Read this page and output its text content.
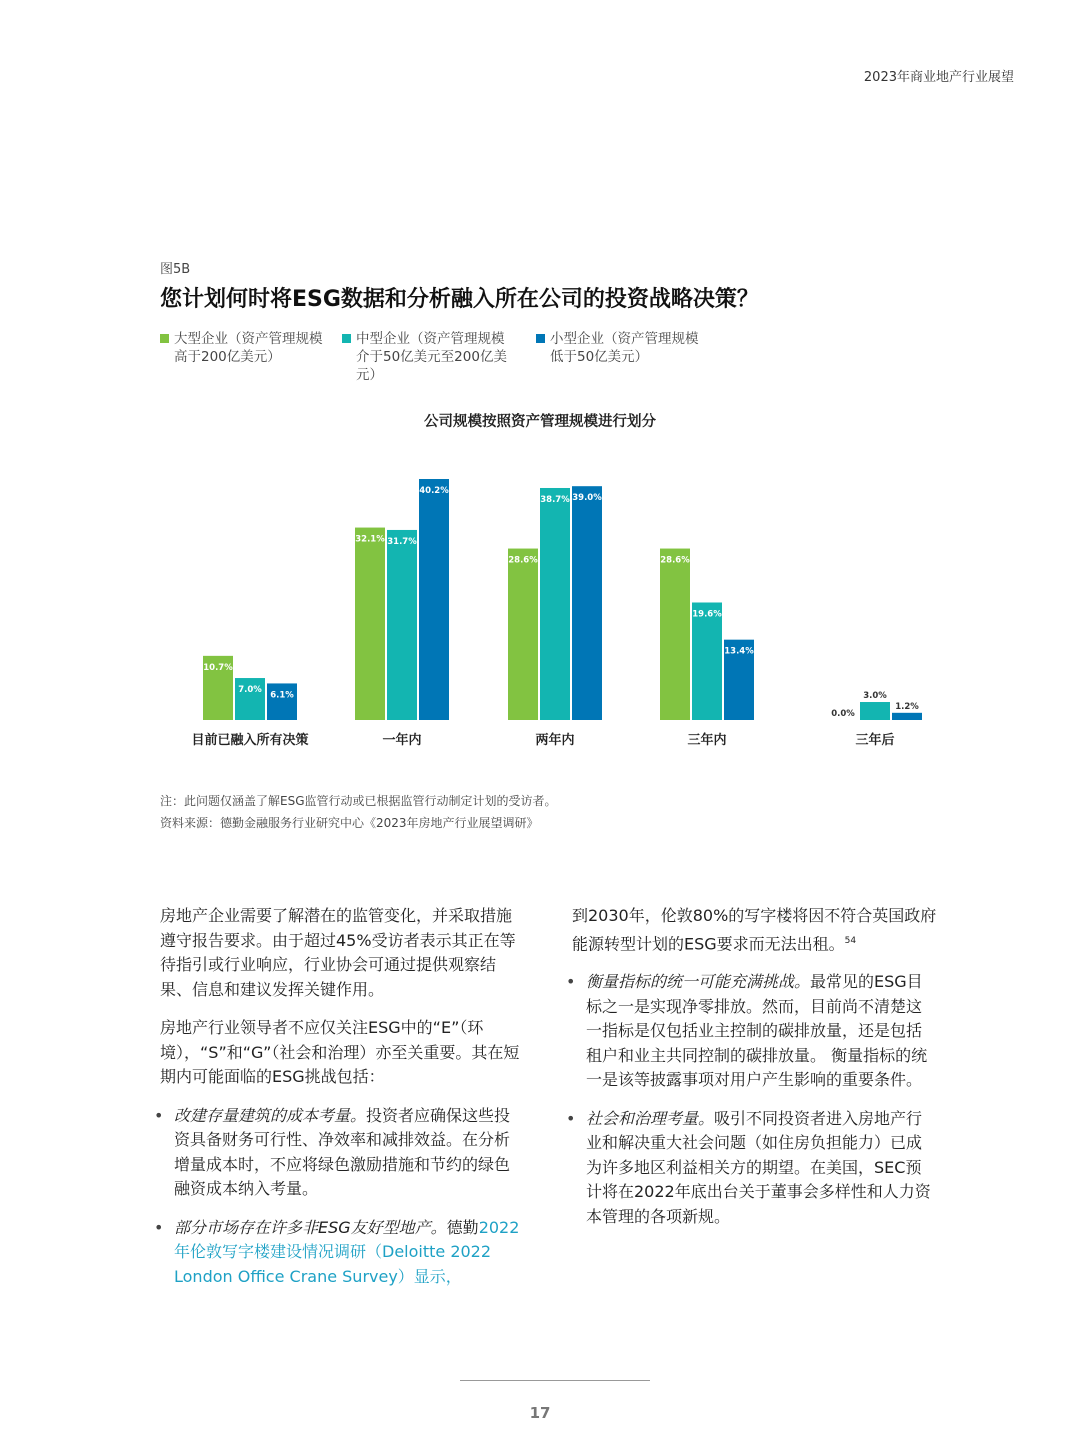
2023年商业地产行业展望
图5B
您计划何时将ESG数据和分析融入所在公司的投资战略决策？
大型企业（资产管理规模高于200亿美元）
中型企业（资产管理规模介于50亿美元至200亿美元）
小型企业（资产管理规模低于50亿美元）
公司规模按照资产管理规模进行划分
10.7%
7.0%
6.1%
目前已融入所有决策
32.1% 31.7%
40.2%
一年内
28.6%
38.7% 39.0%
两年内
28.6%
19.6%
13.4%
三年内
0.0%
3.0%
1.2%
三年后
注：此问题仅涵盖了解ESG监管行动或已根据监管行动制定计划的受访者。
资料来源：德勤金融服务行业研究中心《2023年房地产行业展望调研》

房地产企业需要了解潜在的监管变化，并采取措施遵守报告要求。由于超过45%受访者表示其正在等待指引或行业响应，行业协会可通过提供观察结果、信息和建议发挥关键作用。

房地产行业领导者不应仅关注ESG中的“E”（环境），“S”和“G”（社会和治理）亦至关重要。其在短期内可能面临的ESG挑战包括：

• 改建存量建筑的成本考量。投资者应确保这些投资具备财务可行性、净效率和减排效益。在分析增量成本时，不应将绿色激励措施和节约的绿色融资成本纳入考量。
• 部分市场存在许多非ESG友好型地产。德勤2022年伦敦写字楼建设情况调研（Deloitte 2022 London Office Crane Survey）显示，

到2030年，伦敦80%的写字楼将因不符合英国政府能源转型计划的ESG要求而无法出租。$^{54}$

• 衡量指标的统一可能充满挑战。最常见的ESG目标之一是实现净零排放。然而，目前尚不清楚这一指标是仅包括业主控制的碳排放量，还是包括租户和业主共同控制的碳排放量。 衡量指标的统一是该等披露事项对用户产生影响的重要条件。
• 社会和治理考量。吸引不同投资者进入房地产行业和解决重大社会问题（如住房负担能力）已成为许多地区利益相关方的期望。在美国，SEC预计将在2022年底出台关于董事会多样性和人力资本管理的各项新规。
17
